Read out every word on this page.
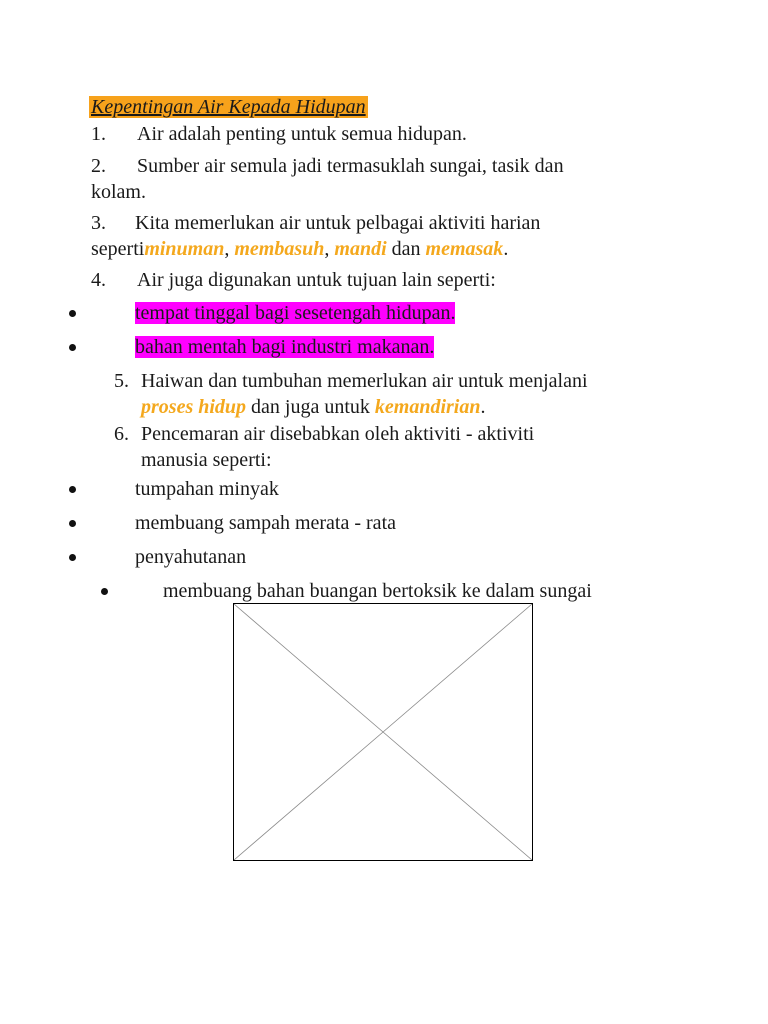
Kepentingan Air Kepada Hidupan
1. Air adalah penting untuk semua hidupan.
2. Sumber air semula jadi termasuklah sungai, tasik dan
kolam.
3. Kita memerlukan air untuk pelbagai aktiviti harian
sepertiminuman, membasuh, mandi dan memasak.
4. Air juga digunakan untuk tujuan lain seperti:
tempat tinggal bagi sesetengah hidupan.
bahan mentah bagi industri makanan.
5. Haiwan dan tumbuhan memerlukan air untuk menjalani
proses hidup dan juga untuk kemandirian.
6. Pencemaran air disebabkan oleh aktiviti - aktiviti
manusia seperti:
tumpahan minyak
membuang sampah merata - rata
penyahutanan
membuang bahan buangan bertoksik ke dalam sungai
